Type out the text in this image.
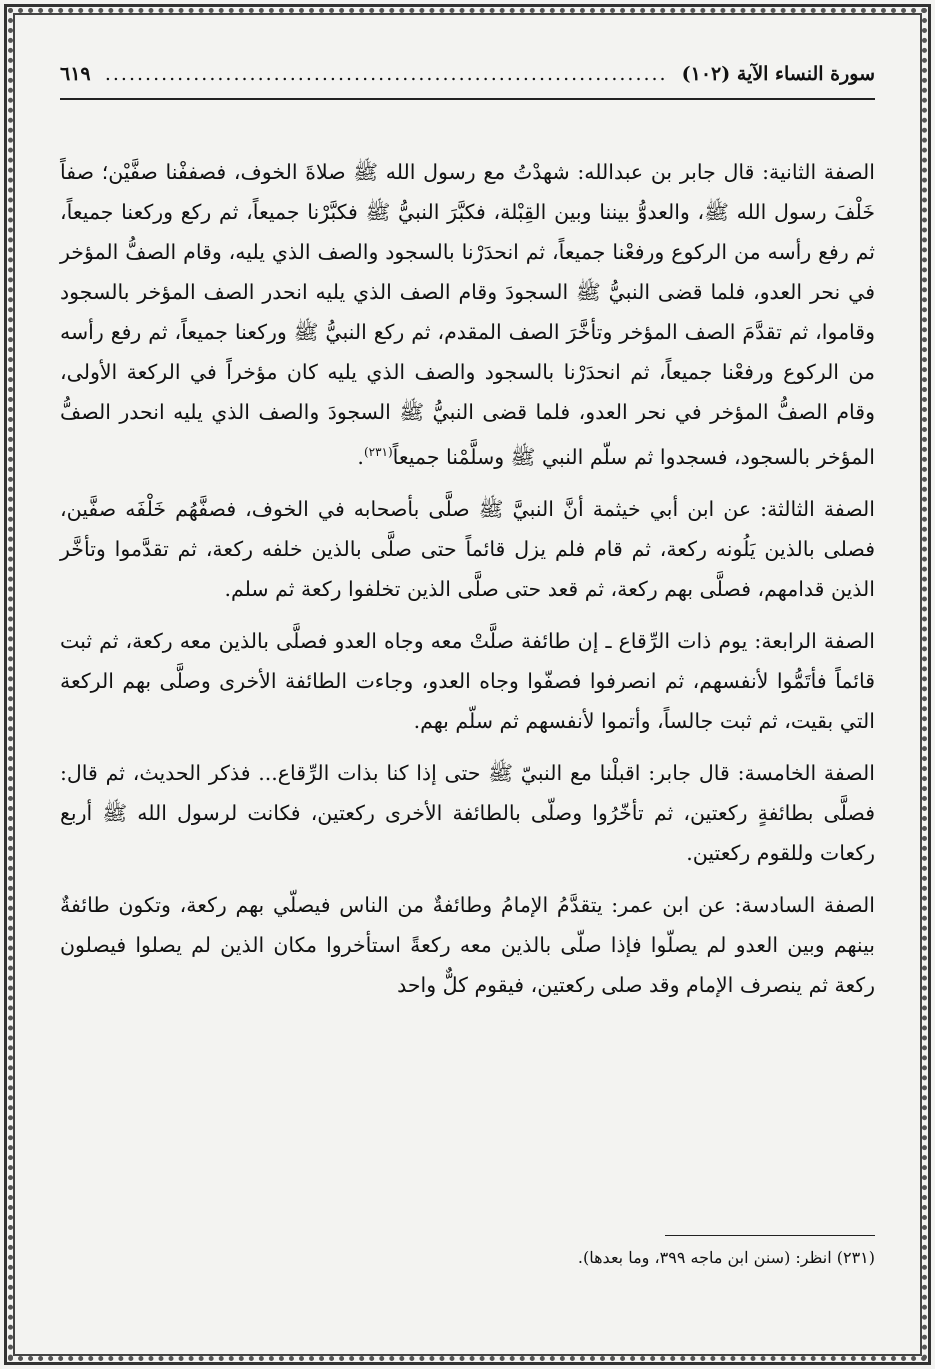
سورة النساء الآية (١٠٢)
......................................................................
٦١٩

الصفة الثانية: قال جابر بن عبدالله: شهدْتُ مع رسول الله ﷺ صلاةَ الخوف، فصففْنا صفَّيْن؛ صفاً خَلْفَ رسول الله ﷺ، والعدوُّ بيننا وبين القِبْلة، فكبَّرَ النبيُّ ﷺ فكبَّرْنا جميعاً، ثم ركع وركعنا جميعاً، ثم رفع رأسه من الركوع ورفعْنا جميعاً، ثم انحدَرْنا بالسجود والصف الذي يليه، وقام الصفُّ المؤخر في نحر العدو، فلما قضى النبيُّ ﷺ السجودَ وقام الصف الذي يليه انحدر الصف المؤخر بالسجود وقاموا، ثم تقدَّمَ الصف المؤخر وتأخَّرَ الصف المقدم، ثم ركع النبيُّ ﷺ وركعنا جميعاً، ثم رفع رأسه من الركوع ورفعْنا جميعاً، ثم انحدَرْنا بالسجود والصف الذي يليه كان مؤخراً في الركعة الأولى، وقام الصفُّ المؤخر في نحر العدو، فلما قضى النبيُّ ﷺ السجودَ والصف الذي يليه انحدر الصفُّ المؤخر بالسجود، فسجدوا ثم سلّم النبي ﷺ وسلَّمْنا جميعاً$^{(٢٣١)}$.

الصفة الثالثة: عن ابن أبي خيثمة أنَّ النبيَّ ﷺ صلَّى بأصحابه في الخوف، فصفَّهُم خَلْفَه صفَّين، فصلى بالذين يَلُونه ركعة، ثم قام فلم يزل قائماً حتى صلَّى بالذين خلفه ركعة، ثم تقدَّموا وتأخَّر الذين قدامهم، فصلَّى بهم ركعة، ثم قعد حتى صلَّى الذين تخلفوا ركعة ثم سلم.

الصفة الرابعة: يوم ذات الرِّقاع ـ إن طائفة صلَّتْ معه وجاه العدو فصلَّى بالذين معه ركعة، ثم ثبت قائماً فأتَمُّوا لأنفسهم، ثم انصرفوا فصفّوا وجاه العدو، وجاءت الطائفة الأخرى وصلَّى بهم الركعة التي بقيت، ثم ثبت جالساً، وأتموا لأنفسهم ثم سلّم بهم.

الصفة الخامسة: قال جابر: اقبلْنا مع النبيّ ﷺ حتى إذا كنا بذات الرِّقاع... فذكر الحديث، ثم قال: فصلَّى بطائفةٍ ركعتين، ثم تأخّرُوا وصلّى بالطائفة الأخرى ركعتين، فكانت لرسول الله ﷺ أربع ركعات وللقوم ركعتين.

الصفة السادسة: عن ابن عمر: يتقدَّمُ الإمامُ وطائفةٌ من الناس فيصلّي بهم ركعة، وتكون طائفةٌ بينهم وبين العدو لم يصلّوا فإذا صلّى بالذين معه ركعةً استأخروا مكان الذين لم يصلوا فيصلون ركعة ثم ينصرف الإمام وقد صلى ركعتين، فيقوم كلٌّ واحد

(٢٣١) انظر: (سنن ابن ماجه ٣٩٩، وما بعدها).
